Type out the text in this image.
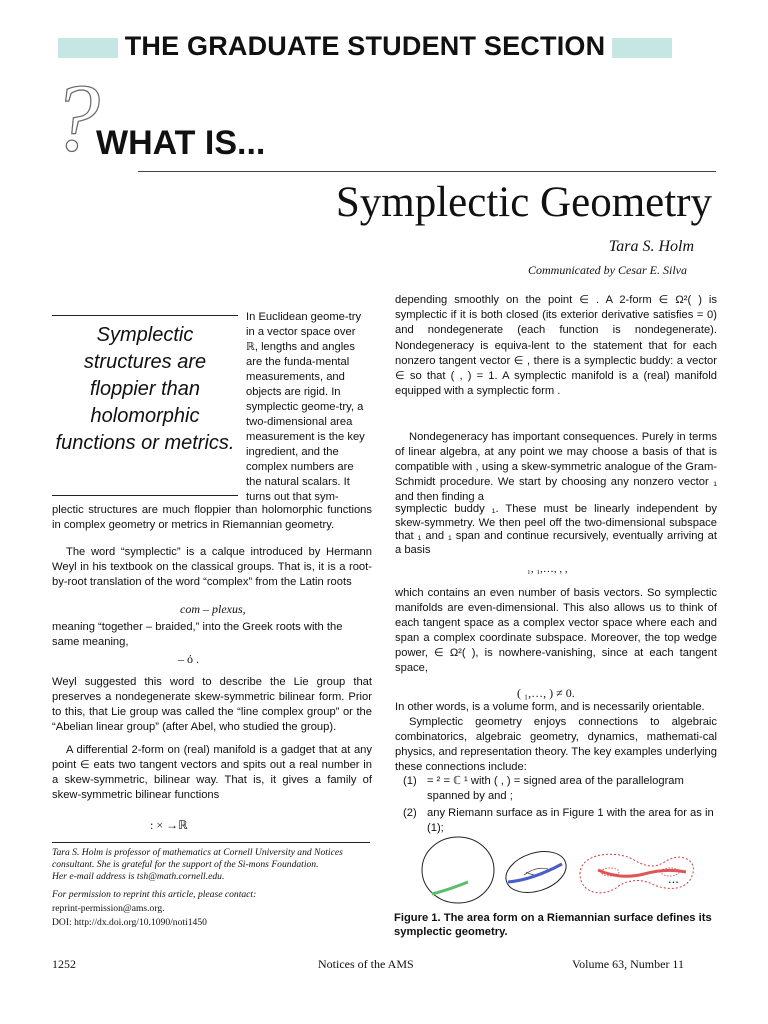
THE GRADUATE STUDENT SECTION
?
WHAT IS...
Symplectic Geometry
Tara S. Holm
Communicated by Cesar E. Silva
Symplectic structures are floppier than holomorphic functions or metrics.
In Euclidean geome-try
in a vector space over
ℝ, lengths and angles
are the funda-mental
measurements, and
objects are rigid. In
symplectic geome-try, a
two-dimensional area
measurement is the key
ingredient, and the
complex numbers are
the natural scalars. It
turns out that sym-
plectic structures are much floppier than holomorphic functions in complex geometry or metrics in Riemannian geometry.
The word “symplectic” is a calque introduced by Hermann Weyl in his textbook on the classical groups. That is, it is a root-by-root translation of the word “complex” from the Latin roots
com – plexus,
meaning “together – braided,” into the Greek roots with the same meaning,
– ό .
Weyl suggested this word to describe the Lie group that preserves a nondegenerate skew-symmetric bilinear form. Prior to this, that Lie group was called the “line complex group” or the “Abelian linear group” (after Abel, who studied the group).
A differential 2-form on (real) manifold is a gadget that at any point ∈ eats two tangent vectors and spits out a real number in a skew-symmetric, bilinear way. That is, it gives a family of skew-symmetric bilinear functions
: × →ℝ
Tara S. Holm is professor of mathematics at Cornell University and Notices consultant. She is grateful for the support of the Si-mons Foundation.
Her e-mail address is tsh@math.cornell.edu.
For permission to reprint this article, please contact:
reprint-permission@ams.org.
DOI: http://dx.doi.org/10.1090/noti1450
depending smoothly on the point ∈ . A 2-form ∈ Ω²( ) is symplectic if it is both closed (its exterior derivative satisfies = 0) and nondegenerate (each function is nondegenerate). Nondegeneracy is equiva-lent to the statement that for each nonzero tangent vector ∈ , there is a symplectic buddy: a vector ∈ so that ( , ) = 1. A symplectic manifold is a (real) manifold equipped with a symplectic form .
Nondegeneracy has important consequences. Purely in terms of linear algebra, at any point we may choose a basis of that is compatible with , using a skew-symmetric analogue of the Gram-Schmidt procedure. We start by choosing any nonzero vector ₁ and then finding a
symplectic buddy ₁. These must be linearly independent by skew-symmetry. We then peel off the two-dimensional subspace that ₁ and ₁ span and continue recursively, eventually arriving at a basis
₁, ₁,…, , ,
which contains an even number of basis vectors. So symplectic manifolds are even-dimensional. This also allows us to think of each tangent space as a complex vector space where each and span a complex coordinate subspace. Moreover, the top wedge power, ∈ Ω²( ), is nowhere-vanishing, since at each tangent space,
( ₁,…, ) ≠ 0.
In other words, is a volume form, and is necessarily orientable.
Symplectic geometry enjoys connections to algebraic combinatorics, algebraic geometry, dynamics, mathemati-cal physics, and representation theory. The key examples underlying these connections include:
(1) = ² = ℂ ¹ with ( , ) = signed area of the parallelogram
spanned by and ;
(2) any Riemann surface as in Figure 1 with the area for as in (1);
...
Figure 1. The area form on a Riemannian surface defines its symplectic geometry.
1252	Notices of the AMS	Volume 63, Number 11
